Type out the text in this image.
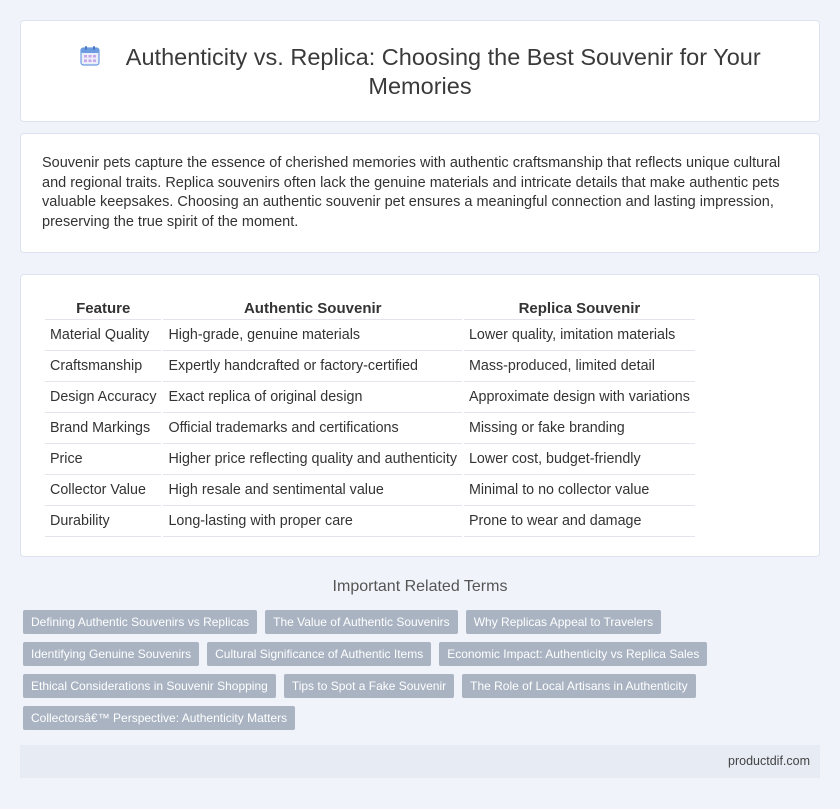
Authenticity vs. Replica: Choosing the Best Souvenir for Your Memories

Souvenir pets capture the essence of cherished memories with authentic craftsmanship that reflects unique cultural and regional traits. Replica souvenirs often lack the genuine materials and intricate details that make authentic pets valuable keepsakes. Choosing an authentic souvenir pet ensures a meaningful connection and lasting impression, preserving the true spirit of the moment.

Feature	Authentic Souvenir	Replica Souvenir
Material Quality	High-grade, genuine materials	Lower quality, imitation materials
Craftsmanship	Expertly handcrafted or factory-certified	Mass-produced, limited detail
Design Accuracy	Exact replica of original design	Approximate design with variations
Brand Markings	Official trademarks and certifications	Missing or fake branding
Price	Higher price reflecting quality and authenticity	Lower cost, budget-friendly
Collector Value	High resale and sentimental value	Minimal to no collector value
Durability	Long-lasting with proper care	Prone to wear and damage
Important Related Terms
Defining Authentic Souvenirs vs Replicas	The Value of Authentic Souvenirs	Why Replicas Appeal to Travelers
Identifying Genuine Souvenirs	Cultural Significance of Authentic Items	Economic Impact: Authenticity vs Replica Sales
Ethical Considerations in Souvenir Shopping	Tips to Spot a Fake Souvenir	The Role of Local Artisans in Authenticity
Collectorsâ€™ Perspective: Authenticity Matters
productdif.com
